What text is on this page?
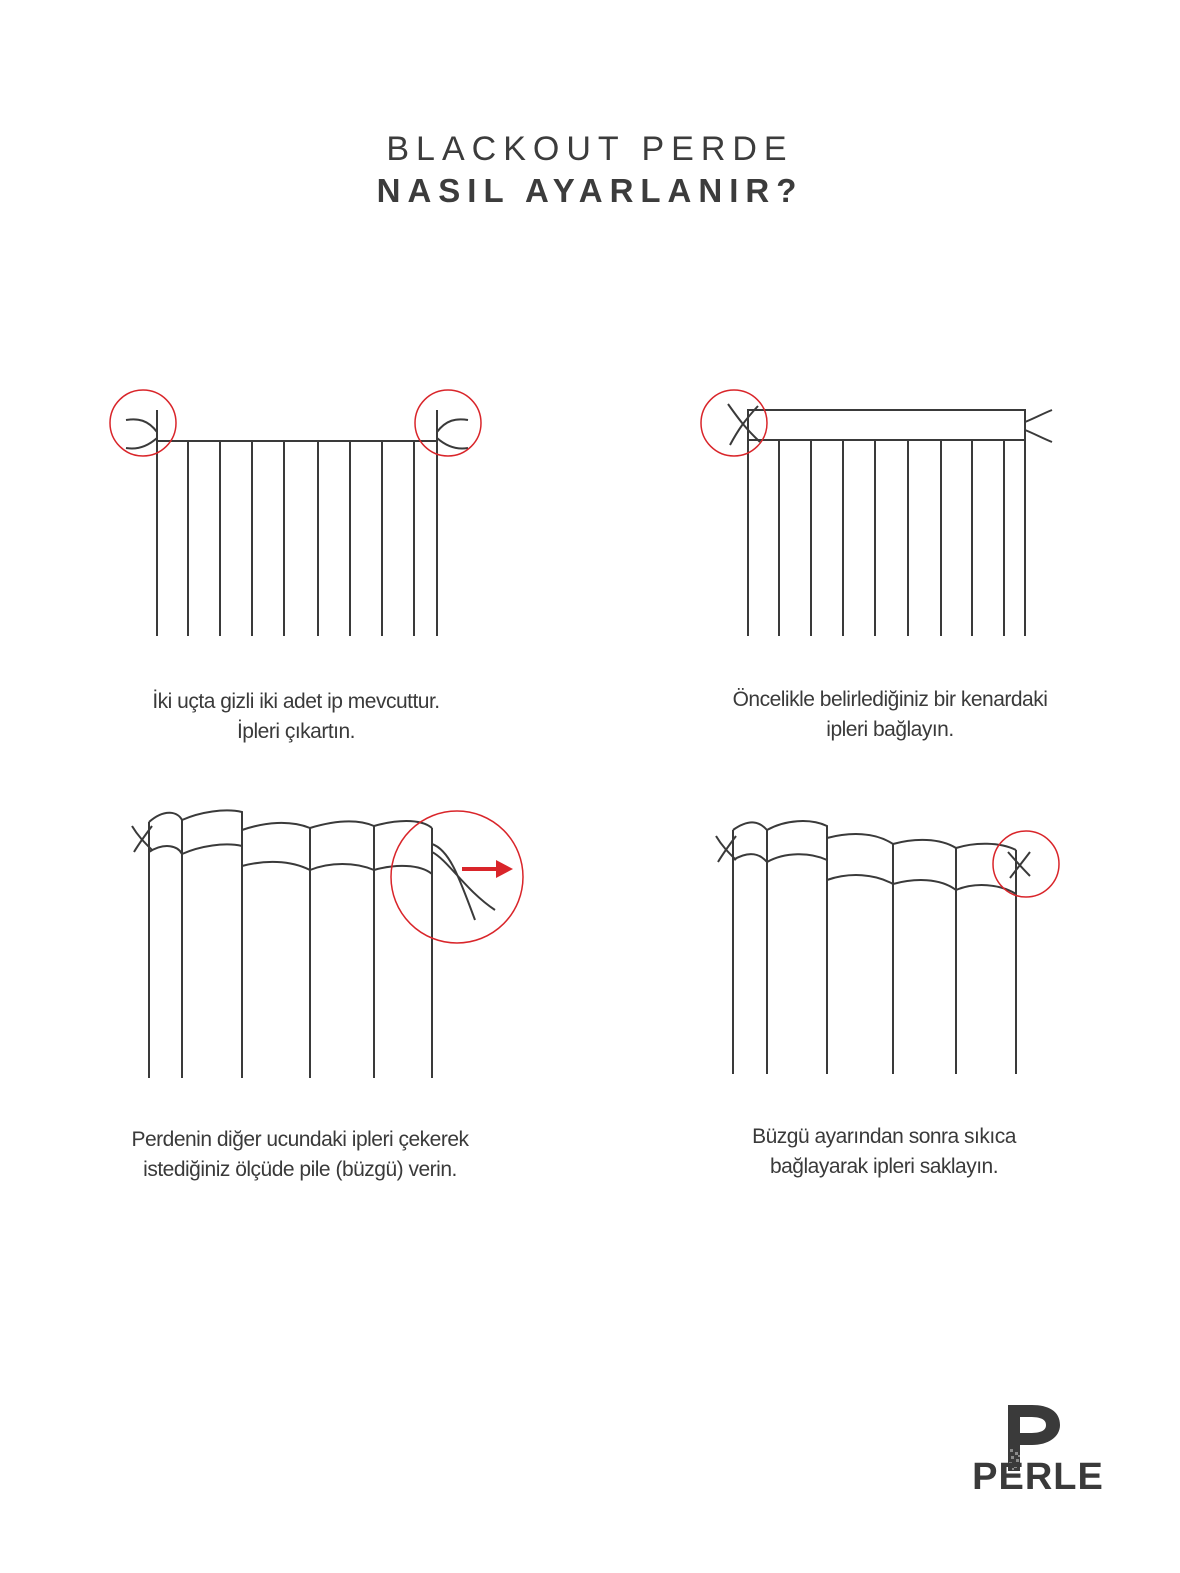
BLACKOUT PERDE
NASIL AYARLANIR?
İki uçta gizli iki adet ip mevcuttur.
İpleri çıkartın.
Öncelikle belirlediğiniz bir kenardaki
ipleri bağlayın.
Perdenin diğer ucundaki ipleri çekerek
istediğiniz ölçüde pile (büzgü) verin.
Büzgü ayarından sonra sıkıca
bağlayarak ipleri saklayın.
PERLE
